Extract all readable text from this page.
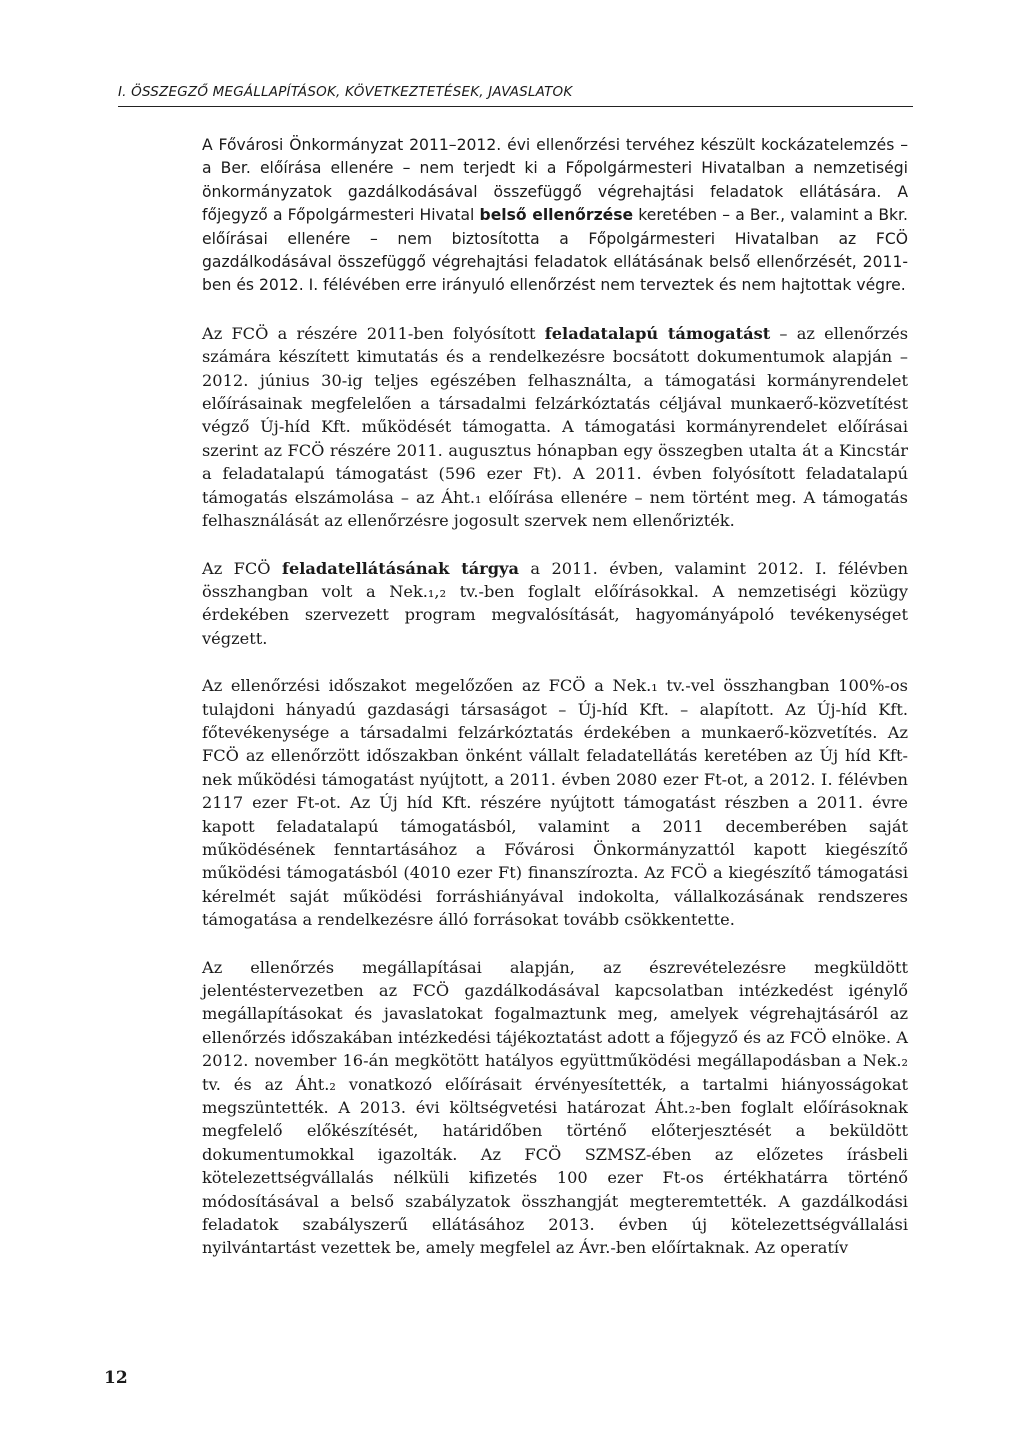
I. ÖSSZEGZŐ MEGÁLLAPÍTÁSOK, KÖVETKEZTETÉSEK, JAVASLATOK

A Fővárosi Önkormányzat 2011–2012. évi ellenőrzési tervéhez készült kockázatelemzés – a Ber. előírása ellenére – nem terjedt ki a Főpolgármesteri Hivatalban a nemzetiségi önkormányzatok gazdálkodásával összefüggő végrehajtási feladatok ellátására. A főjegyző a Főpolgármesteri Hivatal belső ellenőrzése keretében – a Ber., valamint a Bkr. előírásai ellenére – nem biztosította a Főpolgármesteri Hivatalban az FCÖ gazdálkodásával összefüggő végrehajtási feladatok ellátásának belső ellenőrzését, 2011-ben és 2012. I. félévében erre irányuló ellenőrzést nem terveztek és nem hajtottak végre.

Az FCÖ a részére 2011-ben folyósított feladatalapú támogatást – az ellenőrzés számára készített kimutatás és a rendelkezésre bocsátott dokumentumok alapján – 2012. június 30-ig teljes egészében felhasználta, a támogatási kormányrendelet előírásainak megfelelően a társadalmi felzárkóztatás céljával munkaerő-közvetítést végző Új-híd Kft. működését támogatta. A támogatási kormányrendelet előírásai szerint az FCÖ részére 2011. augusztus hónapban egy összegben utalta át a Kincstár a feladatalapú támogatást (596 ezer Ft). A 2011. évben folyósított feladatalapú támogatás elszámolása – az Áht.₁ előírása ellenére – nem történt meg. A támogatás felhasználását az ellenőrzésre jogosult szervek nem ellenőrizték.

Az FCÖ feladatellátásának tárgya a 2011. évben, valamint 2012. I. félévben összhangban volt a Nek.₁,₂ tv.-ben foglalt előírásokkal. A nemzetiségi közügy érdekében szervezett program megvalósítását, hagyományápoló tevékenységet végzett.

Az ellenőrzési időszakot megelőzően az FCÖ a Nek.₁ tv.-vel összhangban 100%-os tulajdoni hányadú gazdasági társaságot – Új-híd Kft. – alapított. Az Új-híd Kft. főtevékenysége a társadalmi felzárkóztatás érdekében a munkaerő-közvetítés. Az FCÖ az ellenőrzött időszakban önként vállalt feladatellátás keretében az Új híd Kft-nek működési támogatást nyújtott, a 2011. évben 2080 ezer Ft-ot, a 2012. I. félévben 2117 ezer Ft-ot. Az Új híd Kft. részére nyújtott támogatást részben a 2011. évre kapott feladatalapú támogatásból, valamint a 2011 decemberében saját működésének fenntartásához a Fővárosi Önkormányzattól kapott kiegészítő működési támogatásból (4010 ezer Ft) finanszírozta. Az FCÖ a kiegészítő támogatási kérelmét saját működési forráshiányával indokolta, vállalkozásának rendszeres támogatása a rendelkezésre álló forrásokat tovább csökkentette.

Az ellenőrzés megállapításai alapján, az észrevételezésre megküldött jelentéstervezetben az FCÖ gazdálkodásával kapcsolatban intézkedést igénylő megállapításokat és javaslatokat fogalmaztunk meg, amelyek végrehajtásáról az ellenőrzés időszakában intézkedési tájékoztatást adott a főjegyző és az FCÖ elnöke. A 2012. november 16-án megkötött hatályos együttműködési megállapodásban a Nek.₂ tv. és az Áht.₂ vonatkozó előírásait érvényesítették, a tartalmi hiányosságokat megszüntették. A 2013. évi költségvetési határozat Áht.₂-ben foglalt előírásoknak megfelelő előkészítését, határidőben történő előterjesztését a beküldött dokumentumokkal igazolták. Az FCÖ SZMSZ-ében az előzetes írásbeli kötelezettségvállalás nélküli kifizetés 100 ezer Ft-os értékhatárra történő módosításával a belső szabályzatok összhangját megteremtették. A gazdálkodási feladatok szabályszerű ellátásához 2013. évben új kötelezettségvállalási nyilvántartást vezettek be, amely megfelel az Ávr.-ben előírtaknak. Az operatív

12
